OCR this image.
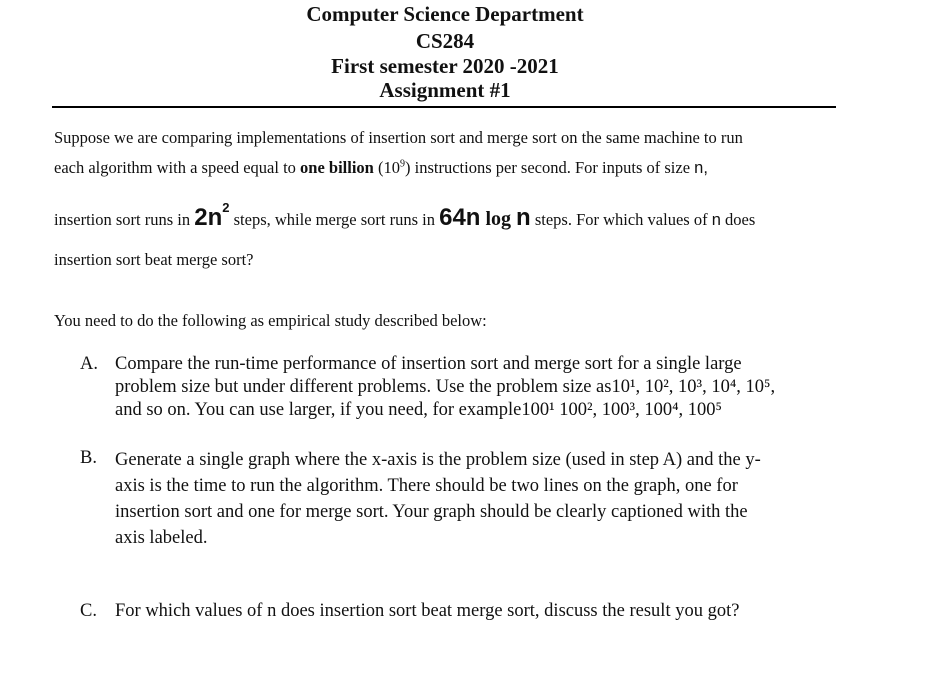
Computer Science Department
CS284
First semester 2020 -2021
Assignment #1
Suppose we are comparing implementations of insertion sort and merge sort on the same machine to run
each algorithm with a speed equal to one billion $(10^9)$ instructions per second. For inputs of size n,
insertion sort runs in $2n^2$ steps, while merge sort runs in 64n log n steps. For which values of n does
insertion sort beat merge sort?
You need to do the following as empirical study described below:
A. Compare the run-time performance of insertion sort and merge sort for a single large
problem size but under different problems. Use the problem size as10¹, 10², 10³, 10⁴, 10⁵,
and so on. You can use larger, if you need, for example100¹ 100², 100³, 100⁴, 100⁵
B. Generate a single graph where the x-axis is the problem size (used in step A) and the y-
axis is the time to run the algorithm. There should be two lines on the graph, one for
insertion sort and one for merge sort. Your graph should be clearly captioned with the
axis labeled.
C. For which values of n does insertion sort beat merge sort, discuss the result you got?
